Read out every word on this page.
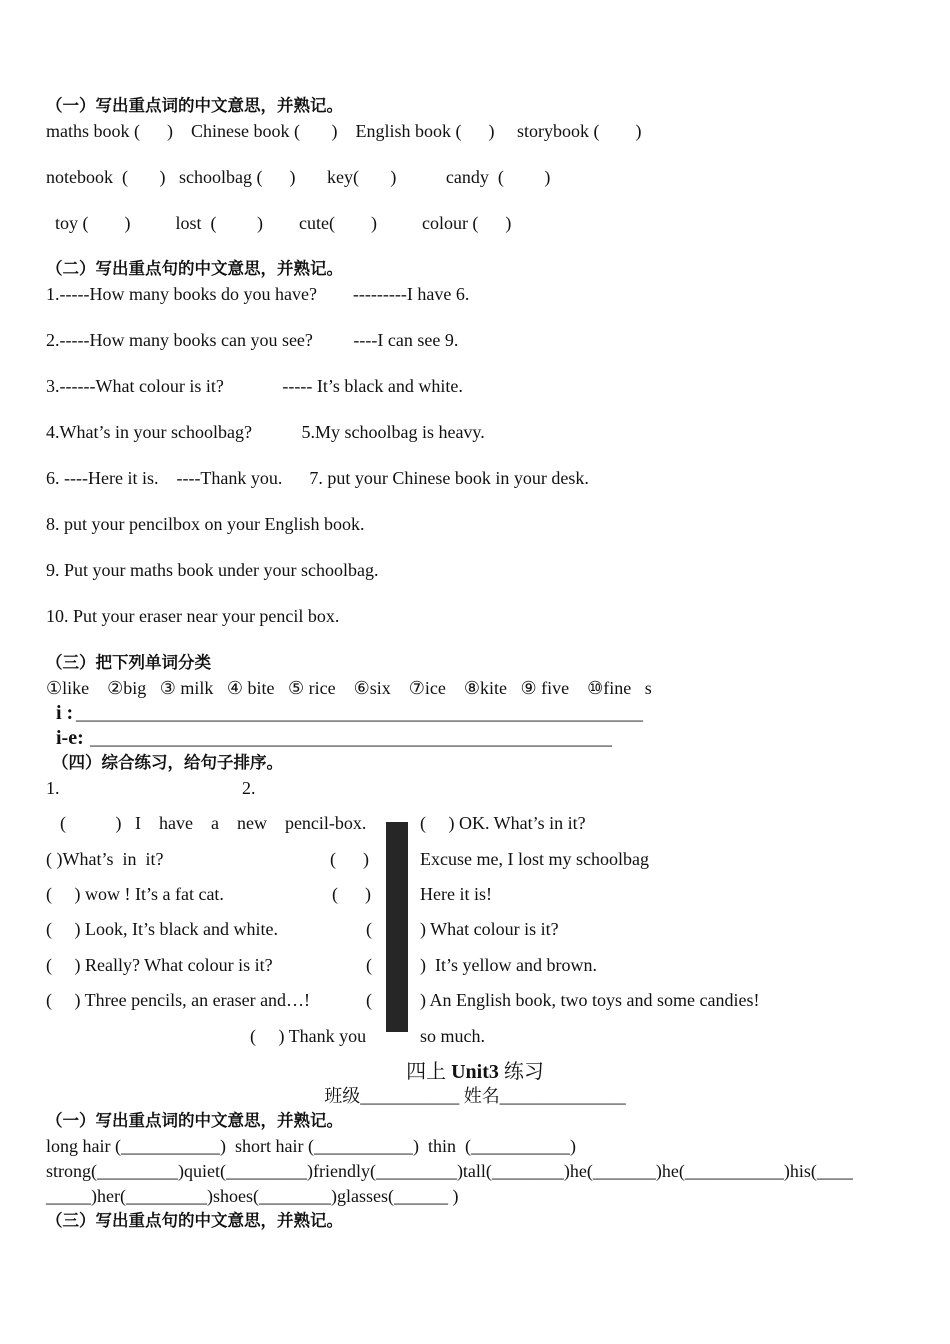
（一）写出重点词的中文意思，并熟记。
maths book (      )    Chinese book (       )    English book (      )     storybook (        )
notebook  (       )   schoolbag (      )       key(       )           candy  (         )
toy (        )          lost  (         )        cute(        )          colour (      )
（二）写出重点句的中文意思，并熟记。
1.-----How many books do you have?        ---------I have 6.
2.-----How many books can you see?         ----I can see 9.
3.------What colour is it?             ----- It’s black and white.
4.What’s in your schoolbag?           5.My schoolbag is heavy.
6. ----Here it is.    ----Thank you.      7. put your Chinese book in your desk.
8. put your pencilbox on your English book.
9. Put your maths book under your schoolbag.
10. Put your eraser near your pencil box.
（三）把下列单词分类
①like    ②big   ③ milk   ④ bite   ⑤ rice    ⑥six    ⑦ice    ⑧kite   ⑨ five    ⑩fine   s
i : _______________________________________________________________
i-e: __________________________________________________________
（四）综合练习，给句子排序。
1.	2.
(           )   I    have    a    new    pencil-box.
( )What’s  in  it?
(     ) wow ! It’s a fat cat.
(     ) Look, It’s black and white.
(     ) Really? What colour is it?
(     ) Three pencils, an eraser and…!
(     ) Thank you
(      )
(      )
(
(
(
(     ) OK. What’s in it?
Excuse me, I lost my schoolbag
Here it is!
) What colour is it?
)  It’s yellow and brown.
) An English book, two toys and some candies!
so much.
四上 Unit3 练习
班级___________ 姓名______________
（一）写出重点词的中文意思，并熟记。
long hair (___________)  short hair (___________)  thin  (___________)
strong(_________)quiet(_________)friendly(_________)tall(________)he(_______)he(___________)his(____
_____)her(_________)shoes(________)glasses(______ )
（三）写出重点句的中文意思，并熟记。
